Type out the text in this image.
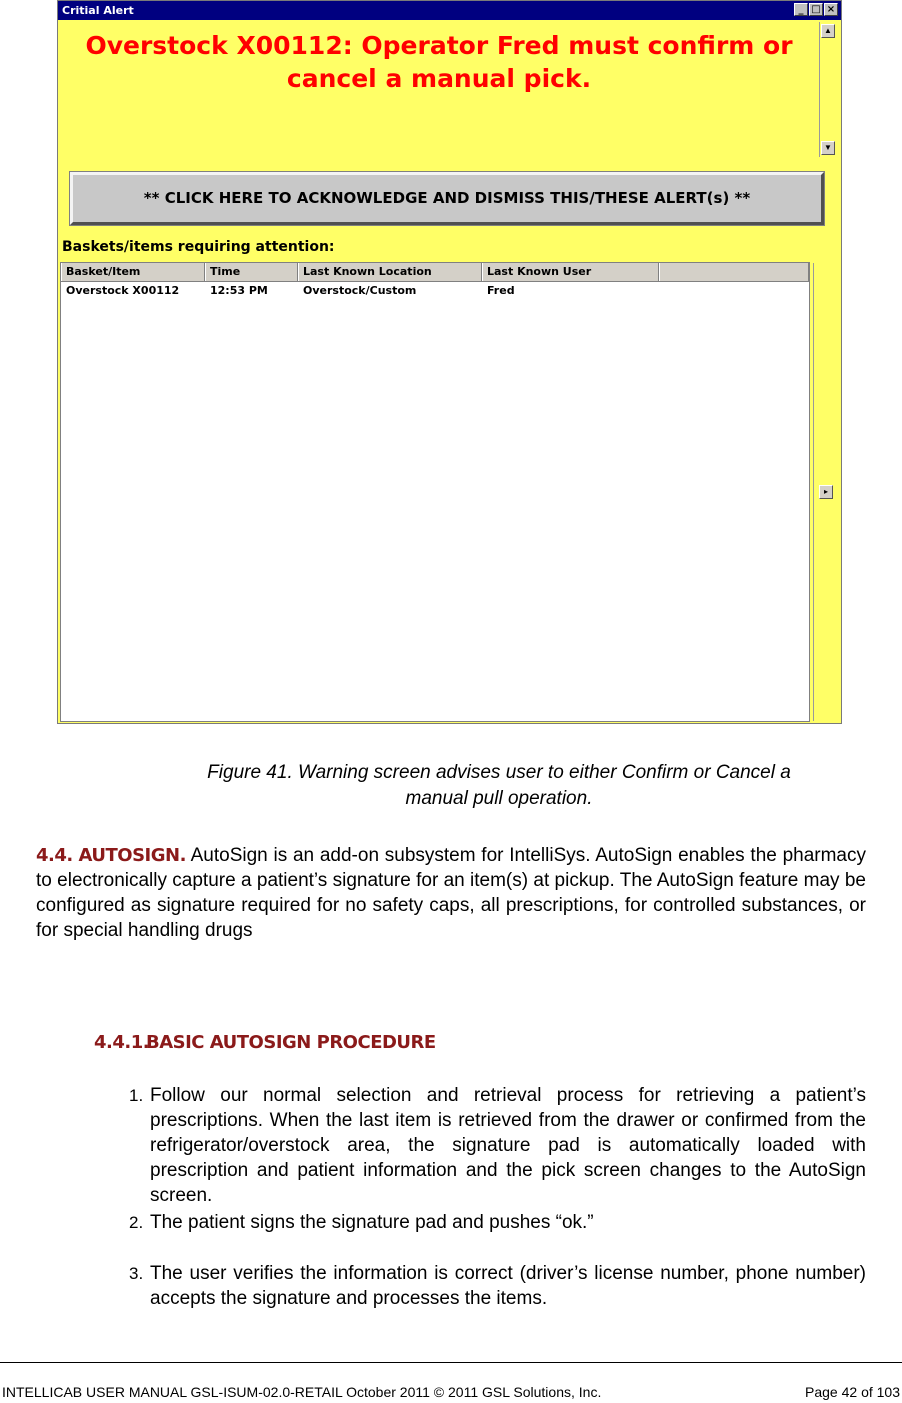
Critial Alert	_ □ ×
Overstock X00112: Operator Fred must confirm or
cancel a manual pick.
▲
▼
** CLICK HERE TO ACKNOWLEDGE AND DISMISS THIS/THESE ALERT(s) **
Baskets/items requiring attention:
Basket/Item	Time	Last Known Location	Last Known User
Overstock X00112	12:53 PM	Overstock/Custom	Fred
▸
Figure 41. Warning screen advises user to either Confirm or Cancel a
manual pull operation.
4.4. AUTOSIGN. AutoSign is an add-on subsystem for IntelliSys. AutoSign enables the pharmacy to electronically capture a patient’s signature for an item(s) at pickup. The AutoSign feature may be configured as signature required for no safety caps, all prescriptions, for controlled substances, or for special handling drugs
4.4.1.BASIC AUTOSIGN PROCEDURE
1. Follow our normal selection and retrieval process for retrieving a patient’s prescriptions. When the last item is retrieved from the drawer or confirmed from the refrigerator/overstock area, the signature pad is automatically loaded with prescription and patient information and the pick screen changes to the AutoSign screen.
2. The patient signs the signature pad and pushes “ok.”
3. The user verifies the information is correct (driver’s license number, phone number) accepts the signature and processes the items.
INTELLICAB USER MANUAL GSL-ISUM-02.0-RETAIL October 2011 © 2011 GSL Solutions, Inc.	Page 42 of 103
